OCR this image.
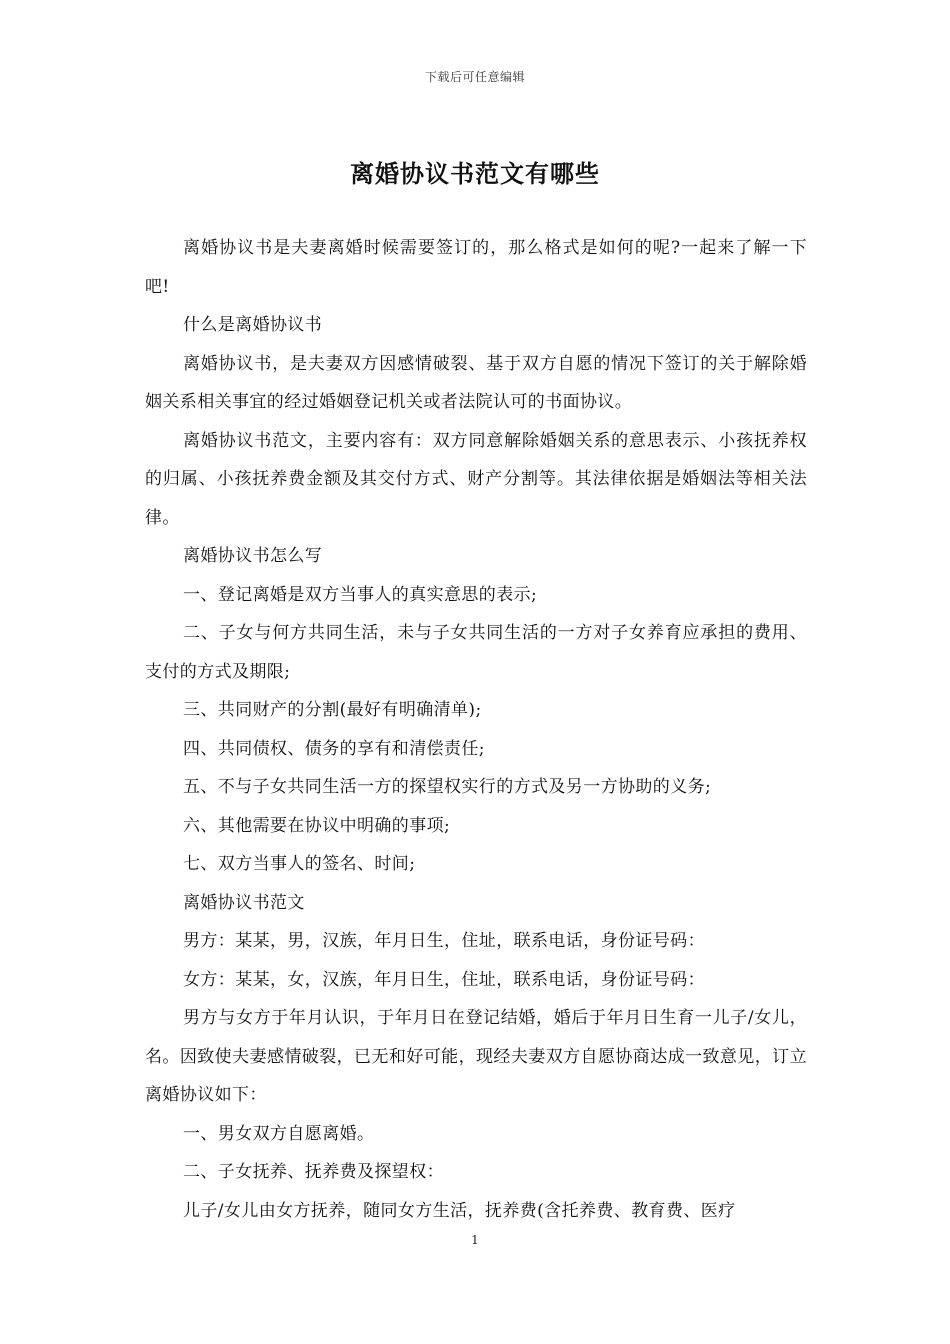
下载后可任意编辑
离婚协议书范文有哪些

离婚协议书是夫妻离婚时候需要签订的，那么格式是如何的呢?一起来了解一下吧!

什么是离婚协议书

离婚协议书，是夫妻双方因感情破裂、基于双方自愿的情况下签订的关于解除婚姻关系相关事宜的经过婚姻登记机关或者法院认可的书面协议。

离婚协议书范文，主要内容有：双方同意解除婚姻关系的意思表示、小孩抚养权的归属、小孩抚养费金额及其交付方式、财产分割等。其法律依据是婚姻法等相关法律。

离婚协议书怎么写

一、登记离婚是双方当事人的真实意思的表示;

二、子女与何方共同生活，未与子女共同生活的一方对子女养育应承担的费用、支付的方式及期限;

三、共同财产的分割(最好有明确清单);

四、共同债权、债务的享有和清偿责任;

五、不与子女共同生活一方的探望权实行的方式及另一方协助的义务;

六、其他需要在协议中明确的事项;

七、双方当事人的签名、时间;

离婚协议书范文

男方：某某，男，汉族，年月日生，住址，联系电话，身份证号码：

女方：某某，女，汉族，年月日生，住址，联系电话，身份证号码：

男方与女方于年月认识，于年月日在登记结婚，婚后于年月日生育一儿子/女儿，名。因致使夫妻感情破裂，已无和好可能，现经夫妻双方自愿协商达成一致意见，订立离婚协议如下：

一、男女双方自愿离婚。

二、子女抚养、抚养费及探望权：

儿子/女儿由女方抚养，随同女方生活，抚养费(含托养费、教育费、医疗

1
